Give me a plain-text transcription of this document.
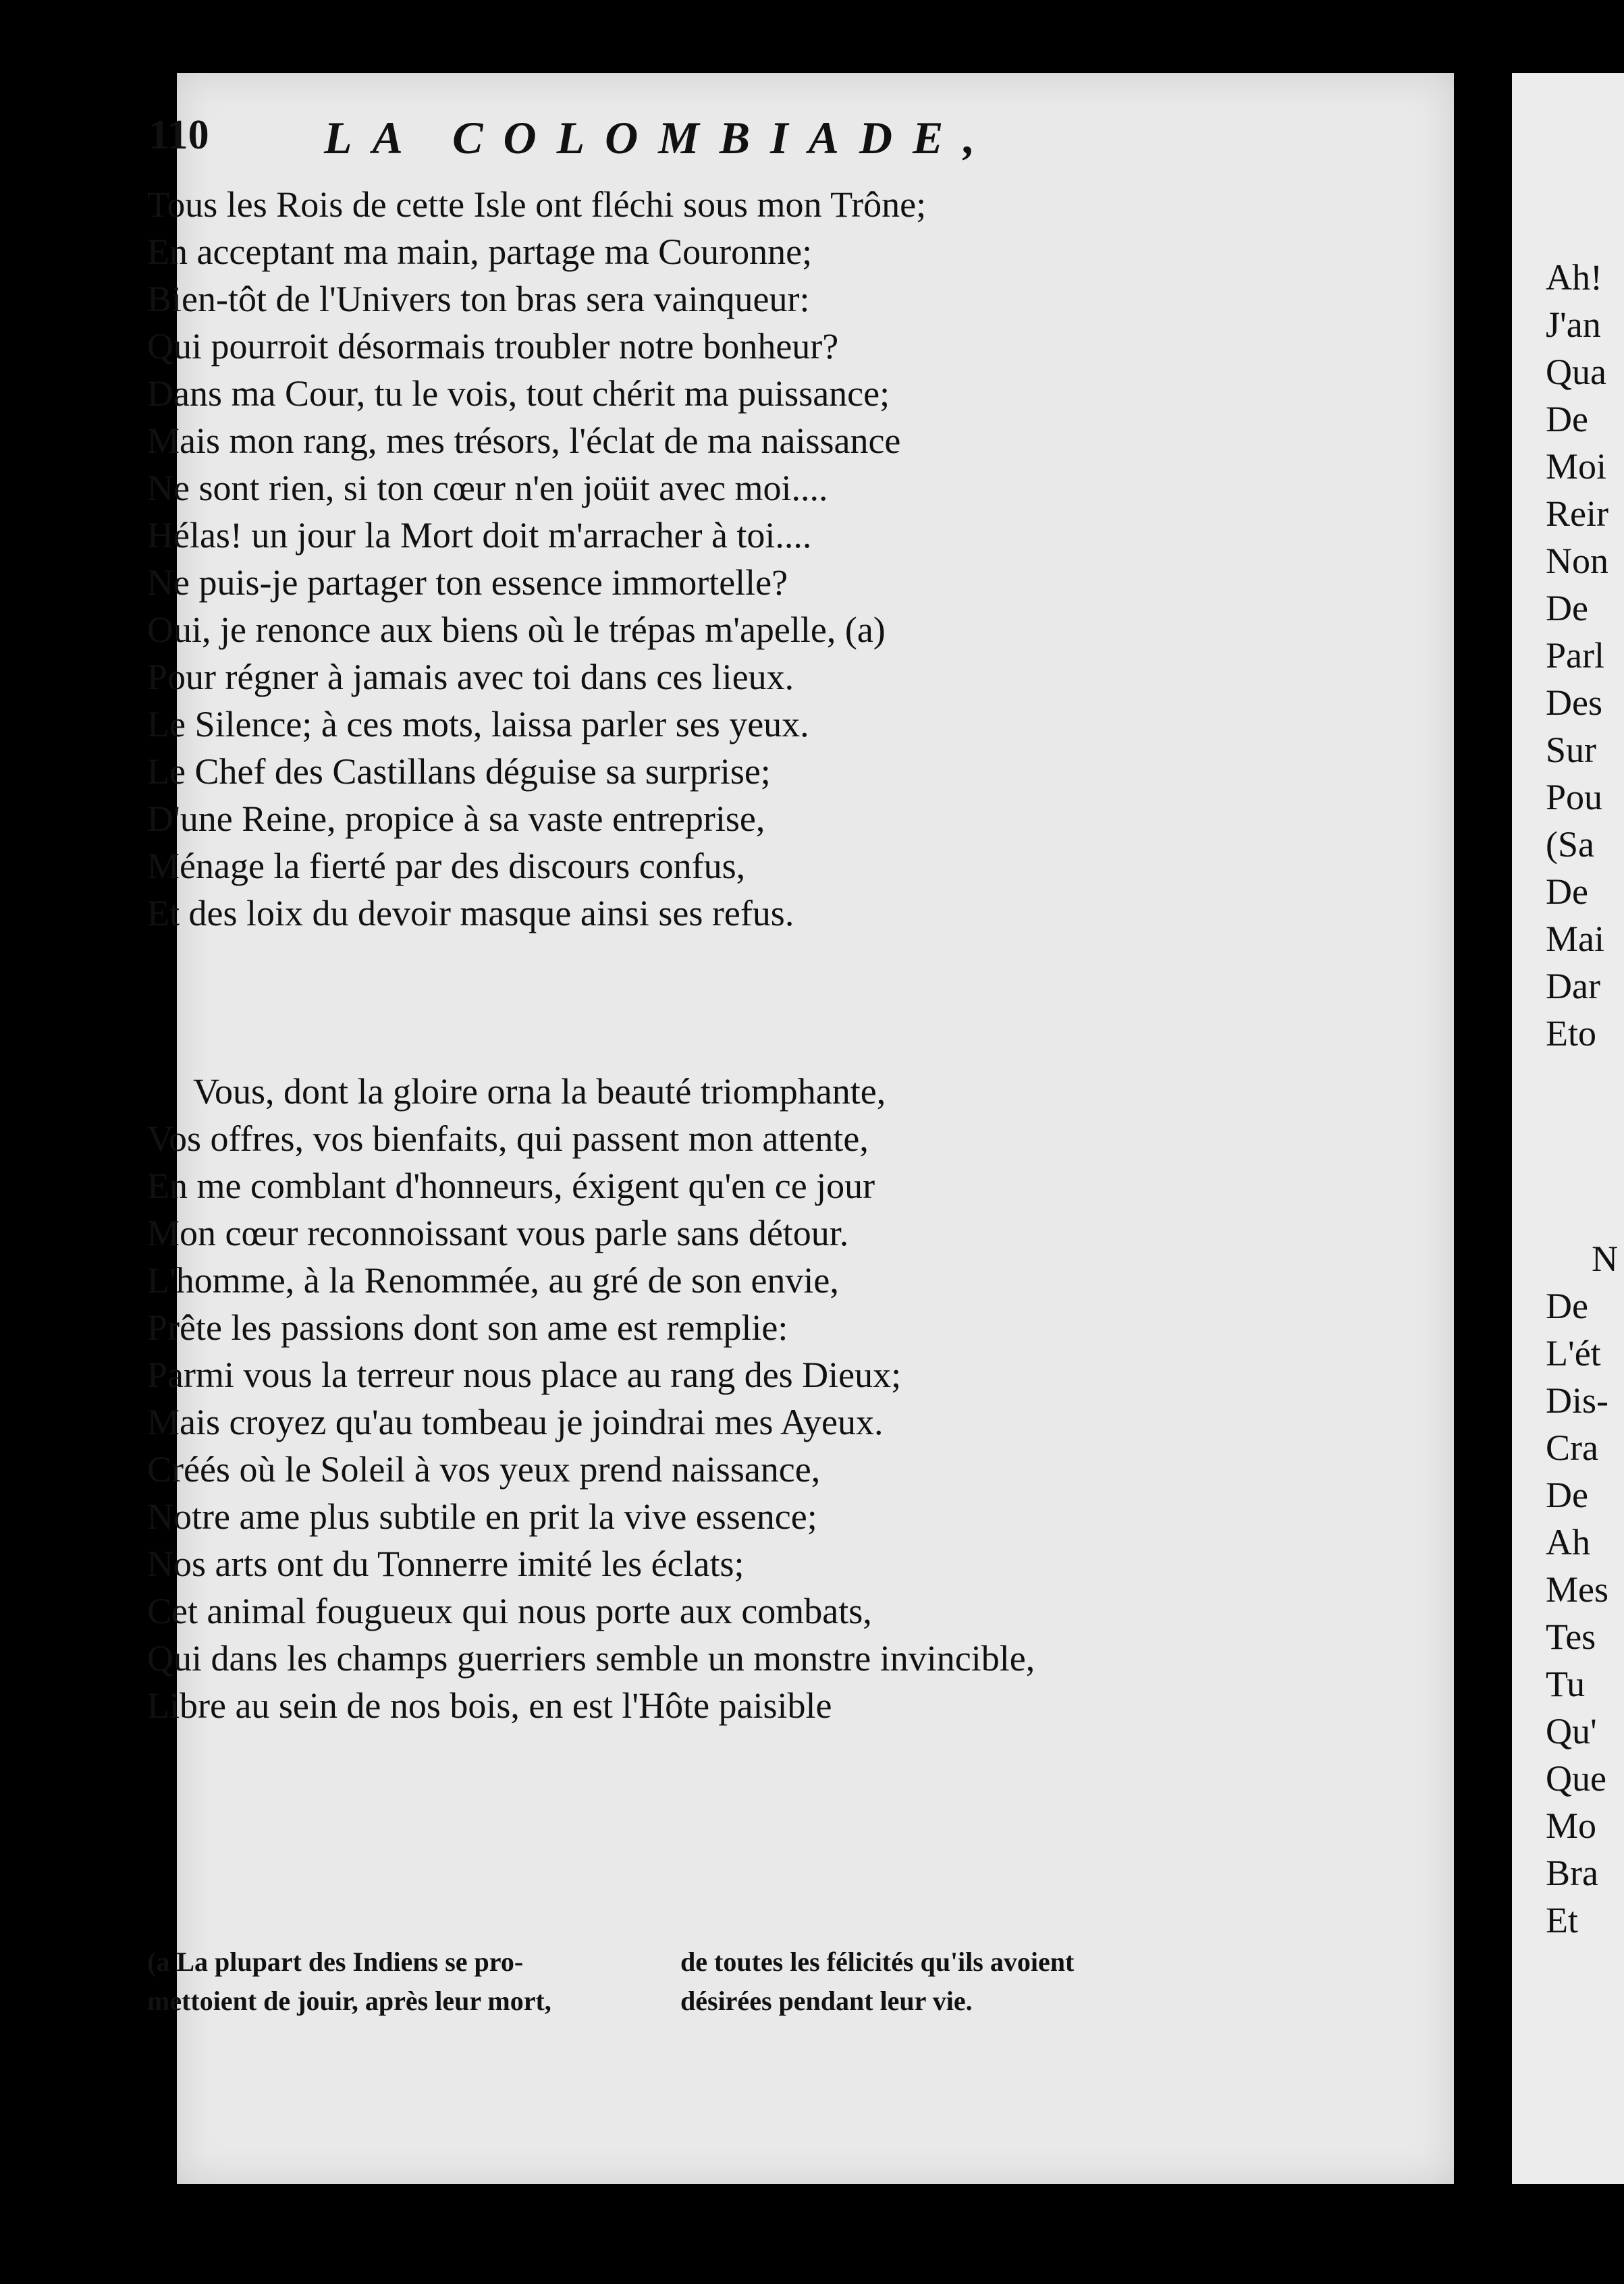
Ah!
J'an
Qua
De
Moi
Reir
Non
De
Parl
Des
Sur
Pou
(Sa
De
Mai
Dar
Eto
N
De
L'ét
Dis-
Cra
De
Ah
Mes
Tes
Tu
Qu'
Que
Mo
Bra
Et
110	LA COLOMBIADE,
Tous les Rois de cette Isle ont fléchi sous mon Trône;
En acceptant ma main, partage ma Couronne;
Bien-tôt de l'Univers ton bras sera vainqueur:
Qui pourroit désormais troubler notre bonheur?
Dans ma Cour, tu le vois, tout chérit ma puissance;
Mais mon rang, mes trésors, l'éclat de ma naissance
Ne sont rien, si ton cœur n'en joüit avec moi....
Hélas! un jour la Mort doit m'arracher à toi....
Ne puis-je partager ton essence immortelle?
Oui, je renonce aux biens où le trépas m'apelle, (a)
Pour régner à jamais avec toi dans ces lieux.
Le Silence; à ces mots, laissa parler ses yeux.
Le Chef des Castillans déguise sa surprise;
D'une Reine, propice à sa vaste entreprise,
Ménage la fierté par des discours confus,
Et des loix du devoir masque ainsi ses refus.
Vous, dont la gloire orna la beauté triomphante,
Vos offres, vos bienfaits, qui passent mon attente,
En me comblant d'honneurs, éxigent qu'en ce jour
Mon cœur reconnoissant vous parle sans détour.
L'homme, à la Renommée, au gré de son envie,
Prête les passions dont son ame est remplie:
Parmi vous la terreur nous place au rang des Dieux;
Mais croyez qu'au tombeau je joindrai mes Ayeux.
Créés où le Soleil à vos yeux prend naissance,
Notre ame plus subtile en prit la vive essence;
Nos arts ont du Tonnerre imité les éclats;
Cet animal fougueux qui nous porte aux combats,
Qui dans les champs guerriers semble un monstre invincible,
Libre au sein de nos bois, en est l'Hôte paisible
(a La plupart des Indiens se pro-
mettoient de jouir, après leur mort,
de toutes les félicités qu'ils avoient
désirées pendant leur vie.
